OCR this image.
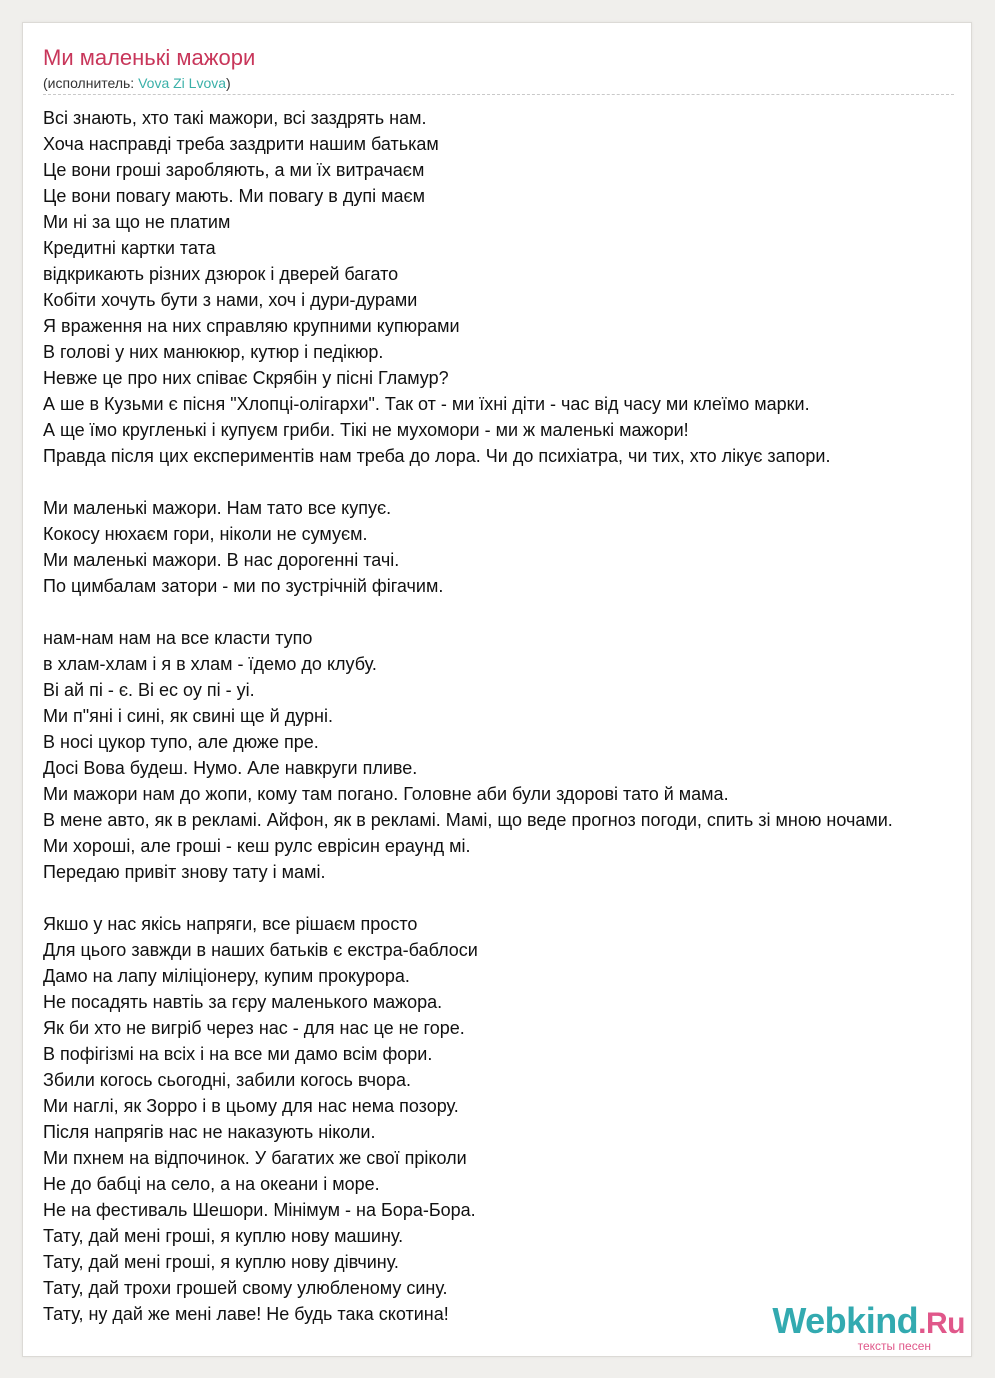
Ми маленькі мажори
(исполнитель: Vova Zi Lvova)
Всі знають, хто такі мажори, всі заздрять нам.
Хоча насправді треба заздрити нашим батькам
Це вони гроші заробляють, а ми їх витрачаєм
Це вони повагу мають. Ми повагу в дупі маєм
Ми ні за що не платим
Кредитні картки тата
відкрикають різних дзюрок і дверей багато
Кобіти хочуть бути з нами, хоч і дури-дурами
Я враження на них справляю крупними купюрами
В голові у них манюкюр, кутюр і педікюр.
Невже це про них співає Скрябін у пісні Гламур?
А ше в Кузьми є пісня "Хлопці-олігархи". Так от - ми їхні діти - час від часу ми клеїмо марки.
А ще їмо кругленькі і купуєм гриби. Тікі не мухомори - ми ж маленькі мажори!
Правда після цих експериментів нам треба до лора. Чи до психіатра, чи тих, хто лікує запори.
Ми маленькі мажори. Нам тато все купує.
Кокосу нюхаєм гори, ніколи не сумуєм.
Ми маленькі мажори. В нас дорогенні тачі.
По цимбалам затори - ми по зустрічній фігачим.
нам-нам нам на все класти тупо
в хлам-хлам і я в хлам - їдемо до клубу.
Ві ай пі - є. Ві ес оу пі - уі.
Ми п"яні і сині, як свині ще й дурні.
В носі цукор тупо, але дюже пре.
Досі Вова будеш. Нумо. Але навкруги пливе.
Ми мажори нам до жопи, кому там погано. Головне аби були здорові тато й мама.
В мене авто, як в рекламі. Айфон, як в рекламі. Мамі, що веде прогноз погоди, спить зі мною ночами.
Ми хороші, але гроші - кеш рулс еврісин ераунд мі.
Передаю привіт знову тату і мамі.
Якшо у нас якісь напряги, все рішаєм просто
Для цього завжди в наших батьків є екстра-баблоси
Дамо на лапу міліціонеру, купим прокурора.
Не посадять навтіь за гєру маленького мажора.
Як би хто не вигріб через нас - для нас це не горе.
В пофігізмі на всіх і на все ми дамо всім фори.
Збили когось сьогодні, забили когось вчора.
Ми наглі, як Зорро і в цьому для нас нема позору.
Після напрягів нас не наказують ніколи.
Ми пхнем на відпочинок. У багатих же свої пріколи
Не до бабці на село, а на океани і море.
Не на фестиваль Шешори. Мінімум - на Бора-Бора.
Тату, дай мені гроші, я куплю нову машину.
Тату, дай мені гроші, я куплю нову дівчину.
Тату, дай трохи грошей свому улюбленому сину.
Тату, ну дай же мені лаве! Не будь така скотина!	Webkind.Ru
тексты песен
